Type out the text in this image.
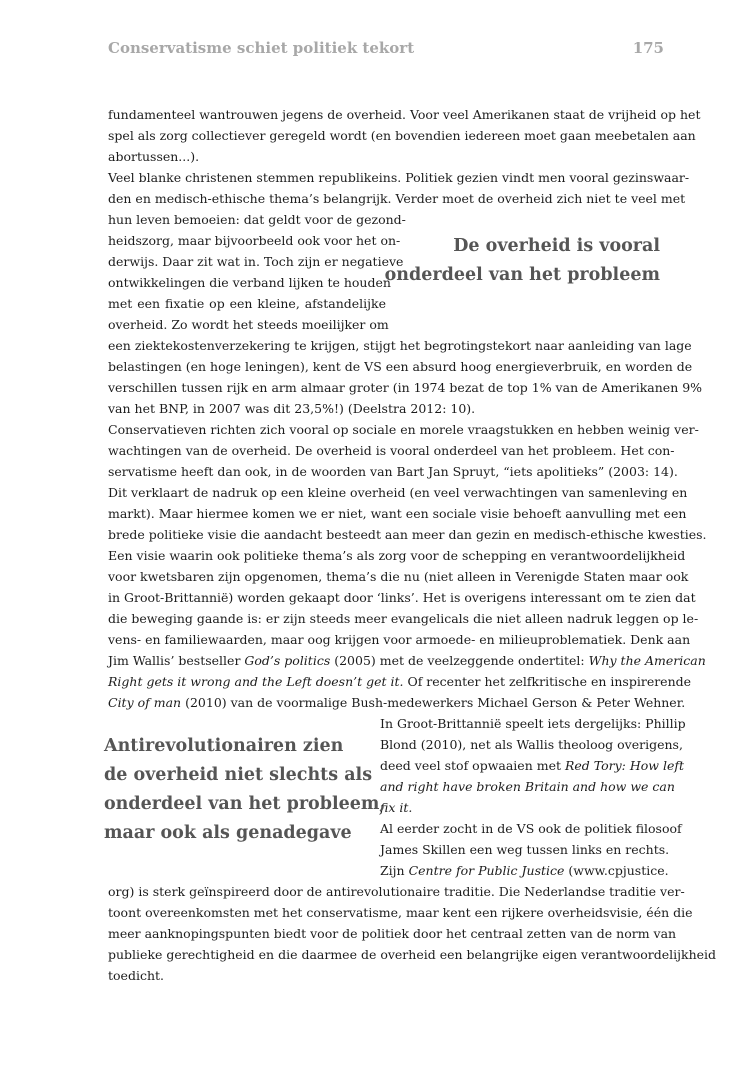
Conservatisme schiet politiek tekort	175
fundamenteel wantrouwen jegens de overheid. Voor veel Amerikanen staat de vrijheid op het
spel als zorg collectiever geregeld wordt (en bovendien iedereen moet gaan meebetalen aan
abortussen...).
Veel blanke christenen stemmen republikeins. Politiek gezien vindt men vooral gezinswaar-
den en medisch-ethische thema’s belangrijk. Verder moet de overheid zich niet te veel met
hun leven bemoeien: dat geldt voor de gezond-
heidszorg, maar bijvoorbeeld ook voor het on-
derwijs. Daar zit wat in. Toch zijn er negatieve
ontwikkelingen die verband lijken te houden
met een fixatie op een kleine, afstandelijke
overheid. Zo wordt het steeds moeilijker om
een ziektekostenverzekering te krijgen, stijgt het begrotingstekort naar aanleiding van lage
belastingen (en hoge leningen), kent de VS een absurd hoog energieverbruik, en worden de
verschillen tussen rijk en arm almaar groter (in 1974 bezat de top 1% van de Amerikanen 9%
van het BNP, in 2007 was dit 23,5%!) (Deelstra 2012: 10).
Conservatieven richten zich vooral op sociale en morele vraagstukken en hebben weinig ver-
wachtingen van de overheid. De overheid is vooral onderdeel van het probleem. Het con-
servatisme heeft dan ook, in de woorden van Bart Jan Spruyt, “iets apolitieks” (2003: 14).
Dit verklaart de nadruk op een kleine overheid (en veel verwachtingen van samenleving en
markt). Maar hiermee komen we er niet, want een sociale visie behoeft aanvulling met een
brede politieke visie die aandacht besteedt aan meer dan gezin en medisch-ethische kwesties.
Een visie waarin ook politieke thema’s als zorg voor de schepping en verantwoordelijkheid
voor kwetsbaren zijn opgenomen, thema’s die nu (niet alleen in Verenigde Staten maar ook
in Groot-Brittannië) worden gekaapt door ‘links’. Het is overigens interessant om te zien dat
die beweging gaande is: er zijn steeds meer evangelicals die niet alleen nadruk leggen op le-
vens- en familiewaarden, maar oog krijgen voor armoede- en milieuproblematiek. Denk aan
Jim Wallis’ bestseller God’s politics (2005) met de veelzeggende ondertitel: Why the American
Right gets it wrong and the Left doesn’t get it. Of recenter het zelfkritische en inspirerende
City of man (2010) van de voormalige Bush-medewerkers Michael Gerson & Peter Wehner.
In Groot-Brittannië speelt iets dergelijks: Phillip
Blond (2010), net als Wallis theoloog overigens,
deed veel stof opwaaien met Red Tory: How left
and right have broken Britain and how we can
fix it.
Al eerder zocht in de VS ook de politiek filosoof
James Skillen een weg tussen links en rechts.
Zijn Centre for Public Justice (www.cpjustice.
org) is sterk geïnspireerd door de antirevolutionaire traditie. Die Nederlandse traditie ver-
toont overeenkomsten met het conservatisme, maar kent een rijkere overheidsvisie, één die
meer aanknopingspunten biedt voor de politiek door het centraal zetten van de norm van
publieke gerechtigheid en die daarmee de overheid een belangrijke eigen verantwoordelijkheid
toedicht.
De overheid is vooral
onderdeel van het probleem
Antirevolutionairen zien
de overheid niet slechts als
onderdeel van het probleem,
maar ook als genadegave
